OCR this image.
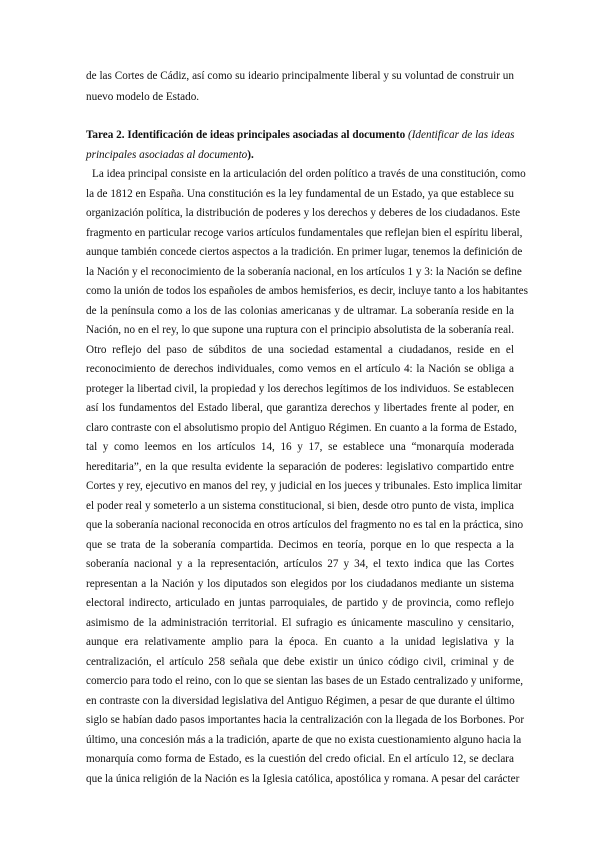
de las Cortes de Cádiz, así como su ideario principalmente liberal y su voluntad de construir un
nuevo modelo de Estado.
Tarea 2. Identificación de ideas principales asociadas al documento (Identificar de las ideas
principales asociadas al documento).
La idea principal consiste en la articulación del orden político a través de una constitución, como
la de 1812 en España. Una constitución es la ley fundamental de un Estado, ya que establece su
organización política, la distribución de poderes y los derechos y deberes de los ciudadanos. Este
fragmento en particular recoge varios artículos fundamentales que reflejan bien el espíritu liberal,
aunque también concede ciertos aspectos a la tradición. En primer lugar, tenemos la definición de
la Nación y el reconocimiento de la soberanía nacional, en los artículos 1 y 3: la Nación se define
como la unión de todos los españoles de ambos hemisferios, es decir, incluye tanto a los habitantes
de la península como a los de las colonias americanas y de ultramar. La soberanía reside en la
Nación, no en el rey, lo que supone una ruptura con el principio absolutista de la soberanía real.
Otro reflejo del paso de súbditos de una sociedad estamental a ciudadanos, reside en el
reconocimiento de derechos individuales, como vemos en el artículo 4: la Nación se obliga a
proteger la libertad civil, la propiedad y los derechos legítimos de los individuos. Se establecen
así los fundamentos del Estado liberal, que garantiza derechos y libertades frente al poder, en
claro contraste con el absolutismo propio del Antiguo Régimen. En cuanto a la forma de Estado,
tal y como leemos en los artículos 14, 16 y 17, se establece una “monarquía moderada
hereditaria”, en la que resulta evidente la separación de poderes: legislativo compartido entre
Cortes y rey, ejecutivo en manos del rey, y judicial en los jueces y tribunales. Esto implica limitar
el poder real y someterlo a un sistema constitucional, si bien, desde otro punto de vista, implica
que la soberanía nacional reconocida en otros artículos del fragmento no es tal en la práctica, sino
que se trata de la soberanía compartida. Decimos en teoría, porque en lo que respecta a la
soberanía nacional y a la representación, artículos 27 y 34, el texto indica que las Cortes
representan a la Nación y los diputados son elegidos por los ciudadanos mediante un sistema
electoral indirecto, articulado en juntas parroquiales, de partido y de provincia, como reflejo
asimismo de la administración territorial. El sufragio es únicamente masculino y censitario,
aunque era relativamente amplio para la época. En cuanto a la unidad legislativa y la
centralización, el artículo 258 señala que debe existir un único código civil, criminal y de
comercio para todo el reino, con lo que se sientan las bases de un Estado centralizado y uniforme,
en contraste con la diversidad legislativa del Antiguo Régimen, a pesar de que durante el último
siglo se habían dado pasos importantes hacia la centralización con la llegada de los Borbones. Por
último, una concesión más a la tradición, aparte de que no exista cuestionamiento alguno hacia la
monarquía como forma de Estado, es la cuestión del credo oficial. En el artículo 12, se declara
que la única religión de la Nación es la Iglesia católica, apostólica y romana. A pesar del carácter
